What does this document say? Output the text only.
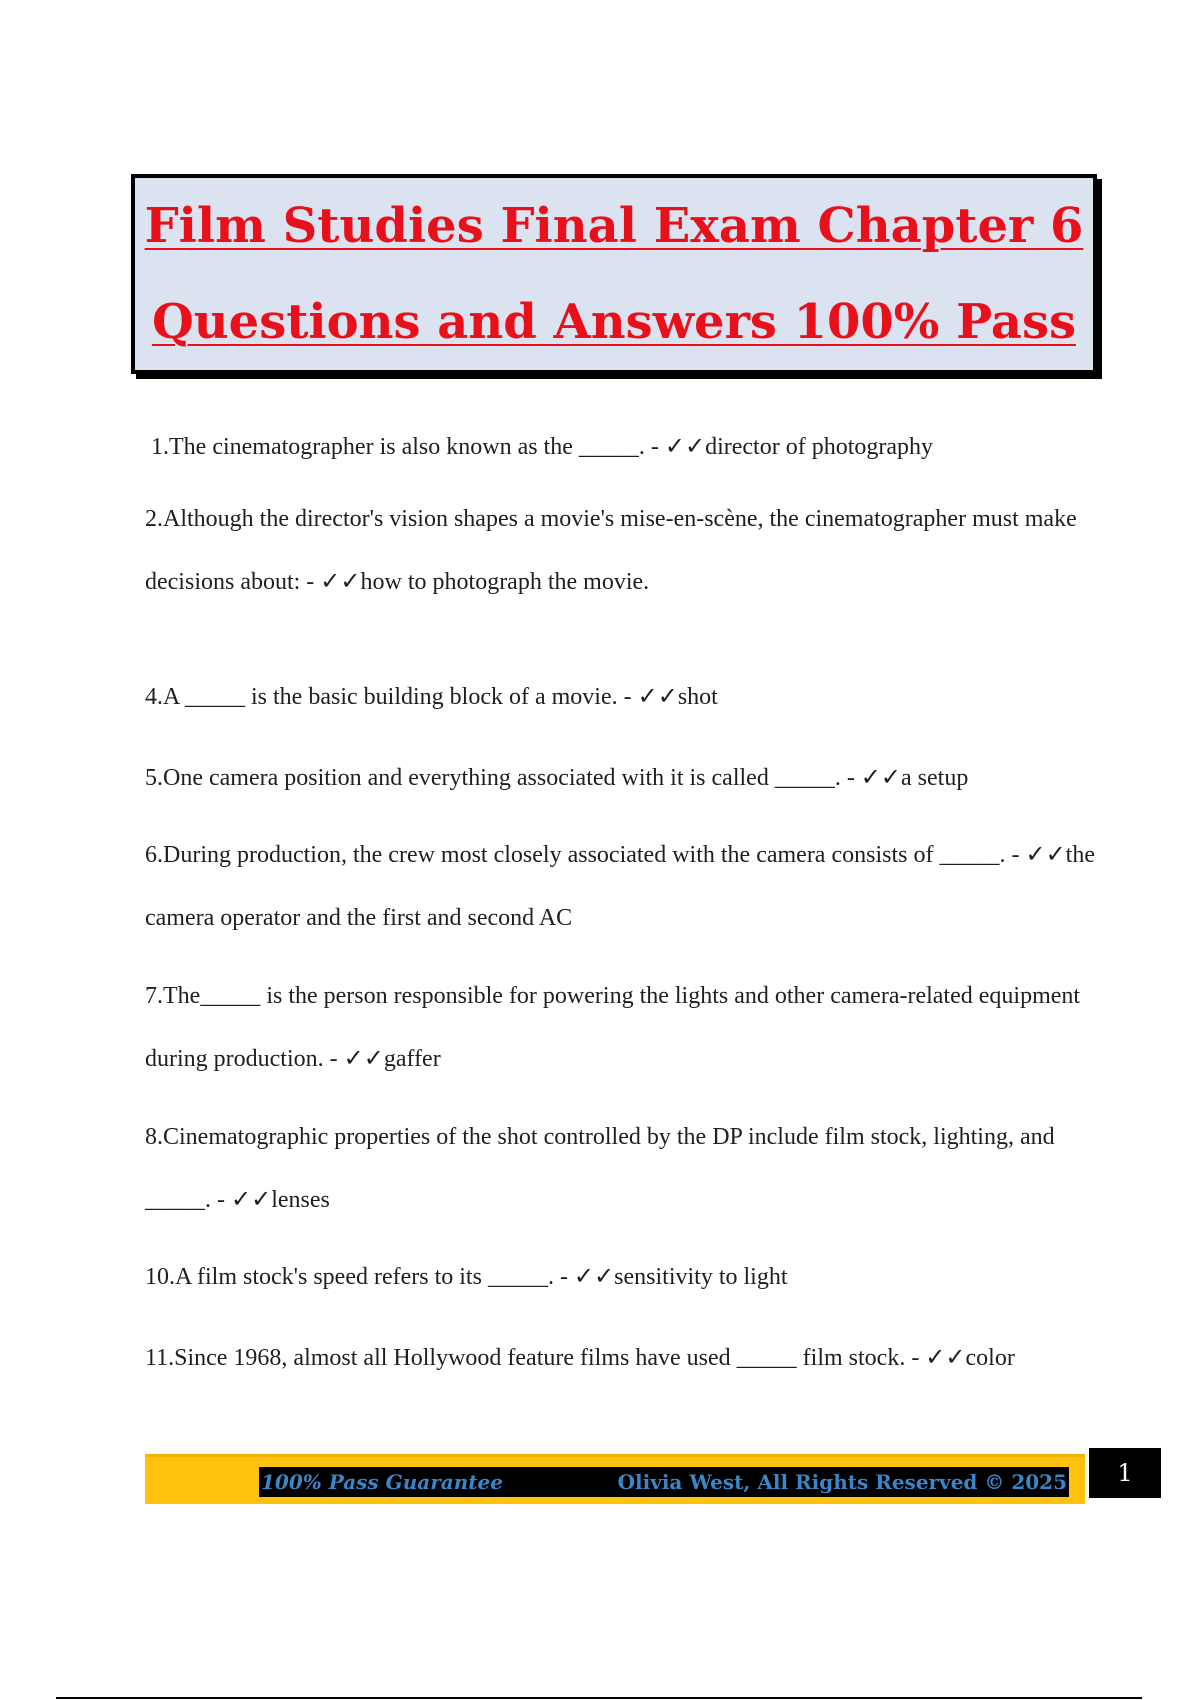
Film Studies Final Exam Chapter 6
Questions and Answers 100% Pass
1.The cinematographer is also known as the _____. - ✓✓director of photography
2.Although the director's vision shapes a movie's mise-en-scène, the cinematographer must make decisions about: - ✓✓how to photograph the movie.
4.A _____ is the basic building block of a movie. - ✓✓shot
5.One camera position and everything associated with it is called _____. - ✓✓a setup
6.During production, the crew most closely associated with the camera consists of _____. - ✓✓the camera operator and the first and second AC
7.The_____ is the person responsible for powering the lights and other camera-related equipment during production. - ✓✓gaffer
8.Cinematographic properties of the shot controlled by the DP include film stock, lighting, and _____. - ✓✓lenses
10.A film stock's speed refers to its _____. - ✓✓sensitivity to light
11.Since 1968, almost all Hollywood feature films have used _____ film stock. - ✓✓color
100% Pass Guarantee	Olivia West, All Rights Reserved © 2025	1
